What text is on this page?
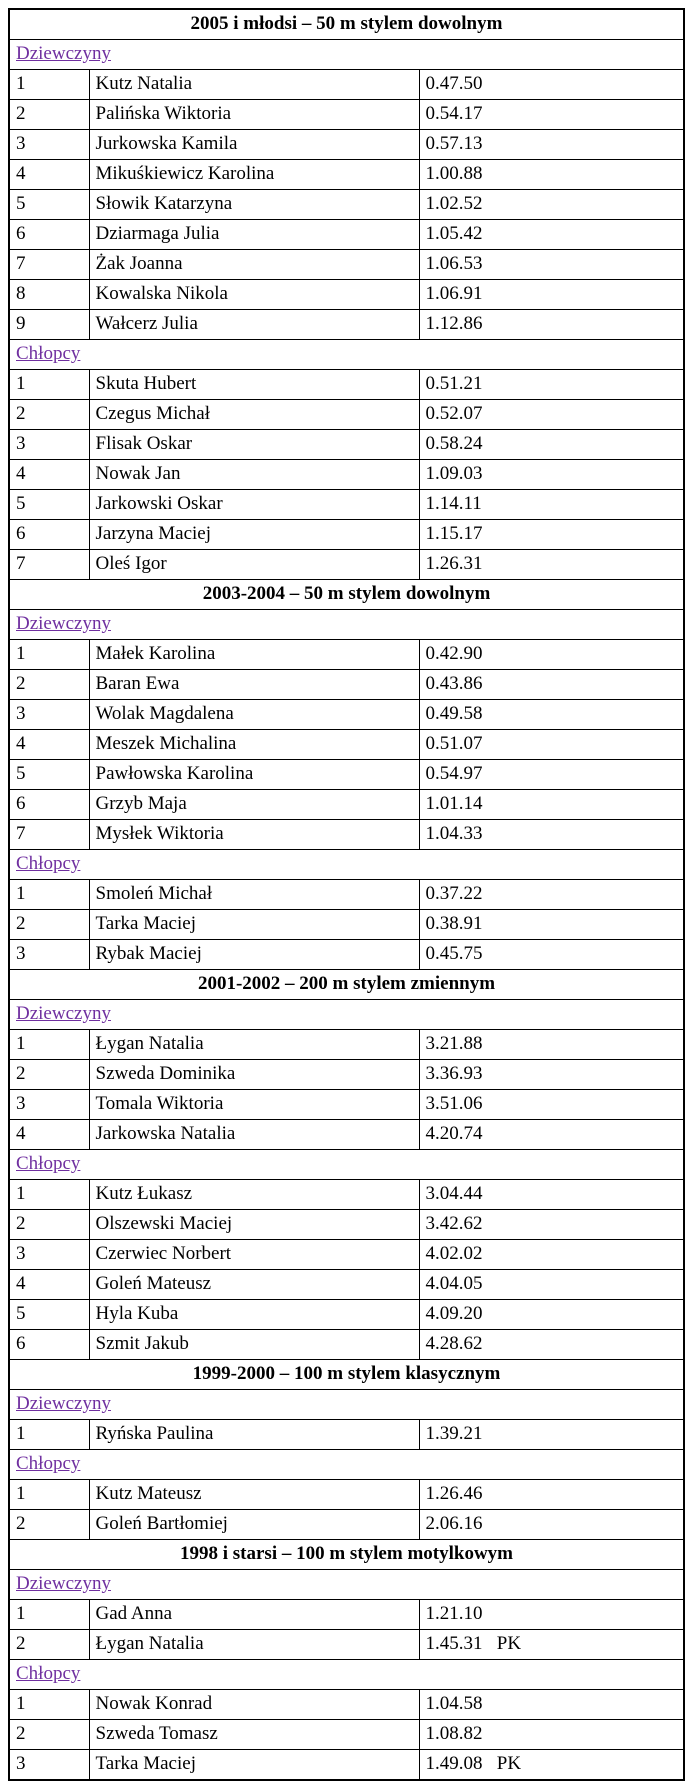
2005 i młodsi – 50 m stylem dowolnym		
Dziewczyny		
1	Kutz Natalia	0.47.50
2	Palińska Wiktoria	0.54.17
3	Jurkowska Kamila	0.57.13
4	Mikuśkiewicz Karolina	1.00.88
5	Słowik Katarzyna	1.02.52
6	Dziarmaga Julia	1.05.42
7	Żak Joanna	1.06.53
8	Kowalska Nikola	1.06.91
9	Wałcerz Julia	1.12.86
Chłopcy		
1	Skuta Hubert	0.51.21
2	Czegus Michał	0.52.07
3	Flisak Oskar	0.58.24
4	Nowak Jan	1.09.03
5	Jarkowski Oskar	1.14.11
6	Jarzyna Maciej	1.15.17
7	Oleś Igor	1.26.31
2003-2004 – 50 m stylem dowolnym		
Dziewczyny		
1	Małek Karolina	0.42.90
2	Baran Ewa	0.43.86
3	Wolak Magdalena	0.49.58
4	Meszek Michalina	0.51.07
5	Pawłowska Karolina	0.54.97
6	Grzyb Maja	1.01.14
7	Mysłek Wiktoria	1.04.33
Chłopcy		
1	Smoleń Michał	0.37.22
2	Tarka Maciej	0.38.91
3	Rybak Maciej	0.45.75
2001-2002 – 200 m stylem zmiennym		
Dziewczyny		
1	Łygan Natalia	3.21.88
2	Szweda Dominika	3.36.93
3	Tomala Wiktoria	3.51.06
4	Jarkowska Natalia	4.20.74
Chłopcy		
1	Kutz Łukasz	3.04.44
2	Olszewski Maciej	3.42.62
3	Czerwiec Norbert	4.02.02
4	Goleń Mateusz	4.04.05
5	Hyla Kuba	4.09.20
6	Szmit Jakub	4.28.62
1999-2000 – 100 m stylem klasycznym		
Dziewczyny		
1	Ryńska Paulina	1.39.21
Chłopcy		
1	Kutz Mateusz	1.26.46
2	Goleń Bartłomiej	2.06.16
1998 i starsi – 100 m stylem motylkowym		
Dziewczyny		
1	Gad Anna	1.21.10
2	Łygan Natalia	1.45.31   PK
Chłopcy		
1	Nowak Konrad	1.04.58
2	Szweda Tomasz	1.08.82
3	Tarka Maciej	1.49.08   PK
